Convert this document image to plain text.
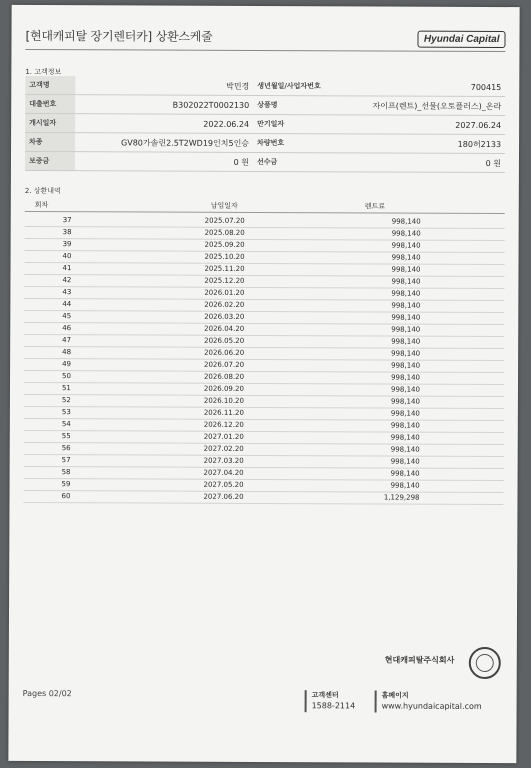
[현대캐피탈 장기렌터카] 상환스케줄	Hyundai Capital
1. 고객정보
고객명	박민경	생년월일/사업자번호	700415
대출번호	B302022T0002130	상품명	자이프(렌트)_선물(오토플러스)_온라
개시일자	2022.06.24	만기일자	2027.06.24
차종	GV80가솔린2.5T2WD19인치5인승	차량번호	180허2133
보증금	0 원	선수금	0 원
2. 상환내역
회차	납입일자	렌트료
37	2025.07.20	998,140
38	2025.08.20	998,140
39	2025.09.20	998,140
40	2025.10.20	998,140
41	2025.11.20	998,140
42	2025.12.20	998,140
43	2026.01.20	998,140
44	2026.02.20	998,140
45	2026.03.20	998,140
46	2026.04.20	998,140
47	2026.05.20	998,140
48	2026.06.20	998,140
49	2026.07.20	998,140
50	2026.08.20	998,140
51	2026.09.20	998,140
52	2026.10.20	998,140
53	2026.11.20	998,140
54	2026.12.20	998,140
55	2027.01.20	998,140
56	2027.02.20	998,140
57	2027.03.20	998,140
58	2027.04.20	998,140
59	2027.05.20	998,140
60	2027.06.20	1,129,298
현대캐피탈주식회사
Pages 02/02	고객센터
1588-2114
홈페이지
www.hyundaicapital.com
